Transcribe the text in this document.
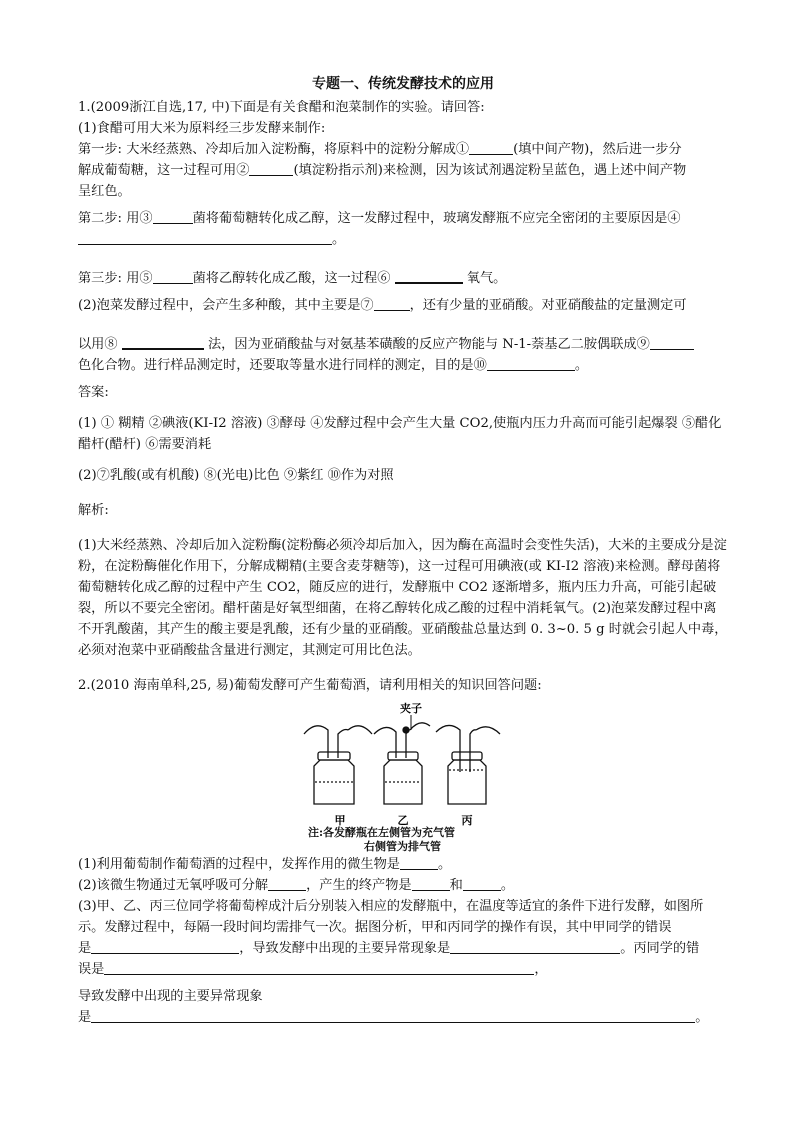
专题一、传统发酵技术的应用

1.(2009浙江自选,17, 中)下面是有关食醋和泡菜制作的实验。请回答:

(1)食醋可用大米为原料经三步发酵来制作:

第一步: 大米经蒸熟、冷却后加入淀粉酶，将原料中的淀粉分解成①	(填中间产物)，然后进一步分
解成葡萄糖，这一过程可用②	(填淀粉指示剂)来检测，因为该试剂遇淀粉呈蓝色，遇上述中间产物
呈红色。

第二步: 用③	菌将葡萄糖转化成乙醇，这一发酵过程中，玻璃发酵瓶不应完全密闭的主要原因是④
。

第三步: 用⑤	菌将乙醇转化成乙酸，这一过程⑥	氧气。

(2)泡菜发酵过程中，会产生多种酸，其中主要是⑦	，还有少量的亚硝酸。对亚硝酸盐的定量测定可

以用⑧	法，因为亚硝酸盐与对氨基苯磺酸的反应产物能与 N-1-萘基乙二胺偶联成⑨
色化合物。进行样品测定时，还要取等量水进行同样的测定，目的是⑩	。

答案:

(1) ① 糊精 ②碘液(KI-I2 溶液) ③酵母 ④发酵过程中会产生大量 CO2,使瓶内压力升高而可能引起爆裂 ⑤醋化醋杆(醋杆) ⑥需要消耗

(2)⑦乳酸(或有机酸) ⑧(光电)比色 ⑨紫红 ⑩作为对照

解析:

(1)大米经蒸熟、冷却后加入淀粉酶(淀粉酶必须冷却后加入，因为酶在高温时会变性失活)，大米的主要成分是淀粉，在淀粉酶催化作用下，分解成糊精(主要含麦芽糖等)，这一过程可用碘液(或 KI-I2 溶液)来检测。酵母菌将葡萄糖转化成乙醇的过程中产生 CO2，随反应的进行，发酵瓶中 CO2 逐渐增多，瓶内压力升高，可能引起破裂，所以不要完全密闭。醋杆菌是好氧型细菌，在将乙醇转化成乙酸的过程中消耗氧气。(2)泡菜发酵过程中离不开乳酸菌，其产生的酸主要是乳酸，还有少量的亚硝酸。亚硝酸盐总量达到 0. 3~0. 5 g 时就会引起人中毒，必须对泡菜中亚硝酸盐含量进行测定，其测定可用比色法。

2.(2010 海南单科,25, 易)葡萄发酵可产生葡萄酒，请利用相关的知识回答问题:

夹子
甲	乙	丙
注:各发酵瓶在左侧管为充气管
右侧管为排气管

(1)利用葡萄制作葡萄酒的过程中，发挥作用的微生物是	。

(2)该微生物通过无氧呼吸可分解	，产生的终产物是	和	。

(3)甲、乙、丙三位同学将葡萄榨成汁后分别装入相应的发酵瓶中，在温度等适宜的条件下进行发酵，如图所示。发酵过程中，每隔一段时间均需排气一次。据图分析，甲和丙同学的操作有误，其中甲同学的错误
是	，导致发酵中出现的主要异常现象是	。丙同学的错
误是	，

导致发酵中出现的主要异常现象

是	。
